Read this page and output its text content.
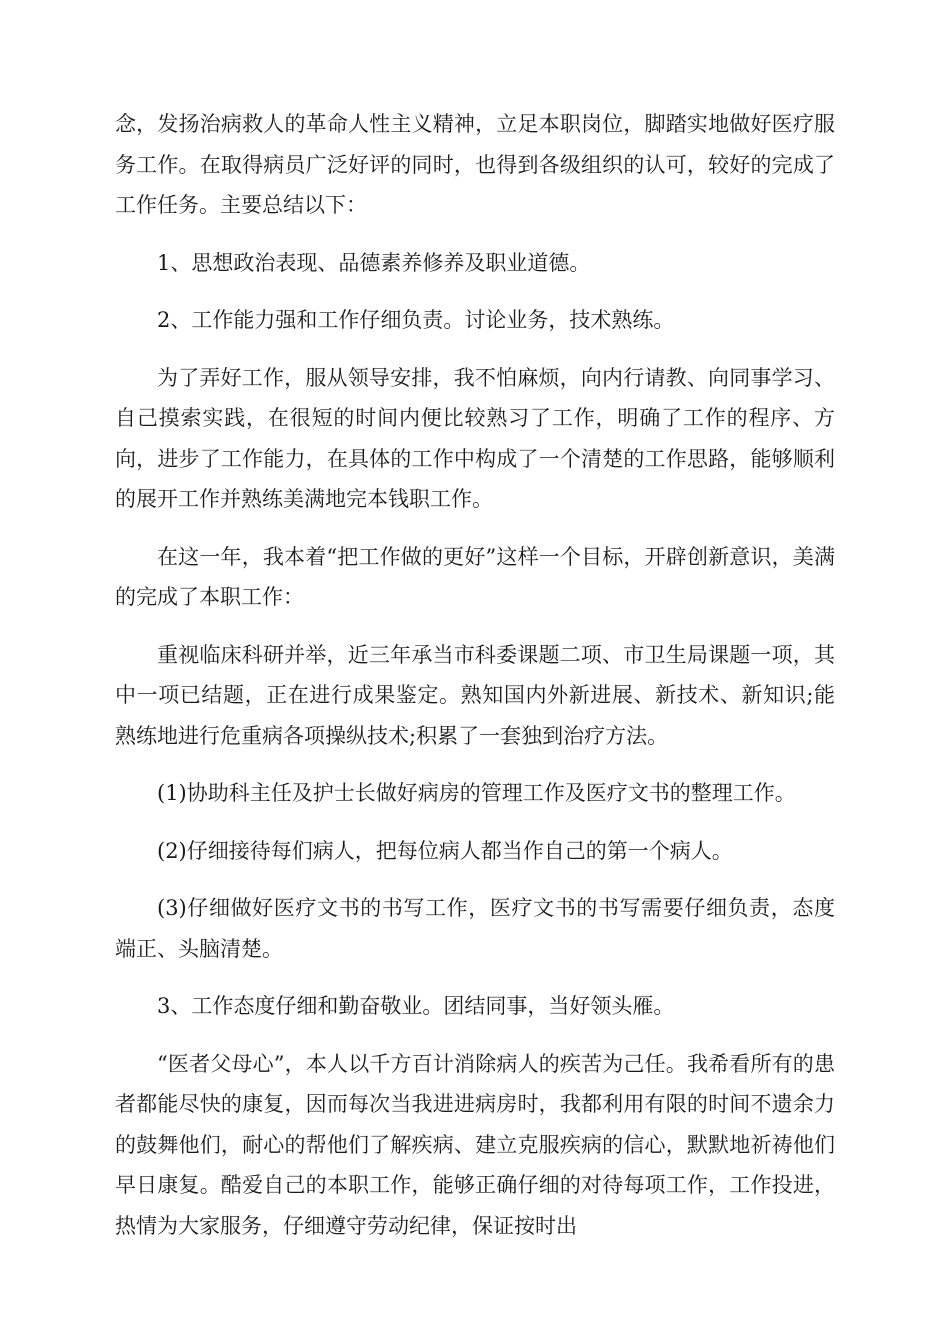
念，发扬治病救人的革命人性主义精神，立足本职岗位，脚踏实地做好医疗服务工作。在取得病员广泛好评的同时，也得到各级组织的认可，较好的完成了工作任务。主要总结以下：

1、思想政治表现、品德素养修养及职业道德。

2、工作能力强和工作仔细负责。讨论业务，技术熟练。

为了弄好工作，服从领导安排，我不怕麻烦，向内行请教、向同事学习、自己摸索实践，在很短的时间内便比较熟习了工作，明确了工作的程序、方向，进步了工作能力，在具体的工作中构成了一个清楚的工作思路，能够顺利的展开工作并熟练美满地完本钱职工作。

在这一年，我本着“把工作做的更好”这样一个目标，开辟创新意识，美满的完成了本职工作：

重视临床科研并举，近三年承当市科委课题二项、市卫生局课题一项，其中一项已结题，正在进行成果鉴定。熟知国内外新进展、新技术、新知识;能熟练地进行危重病各项操纵技术;积累了一套独到治疗方法。

(1)协助科主任及护士长做好病房的管理工作及医疗文书的整理工作。

(2)仔细接待每们病人，把每位病人都当作自己的第一个病人。

(3)仔细做好医疗文书的书写工作，医疗文书的书写需要仔细负责，态度端正、头脑清楚。

3、工作态度仔细和勤奋敬业。团结同事，当好领头雁。

“医者父母心”，本人以千方百计消除病人的疾苦为己任。我希看所有的患者都能尽快的康复，因而每次当我进进病房时，我都利用有限的时间不遗余力的鼓舞他们，耐心的帮他们了解疾病、建立克服疾病的信心，默默地祈祷他们早日康复。酷爱自己的本职工作，能够正确仔细的对待每项工作，工作投进，热情为大家服务，仔细遵守劳动纪律，保证按时出
